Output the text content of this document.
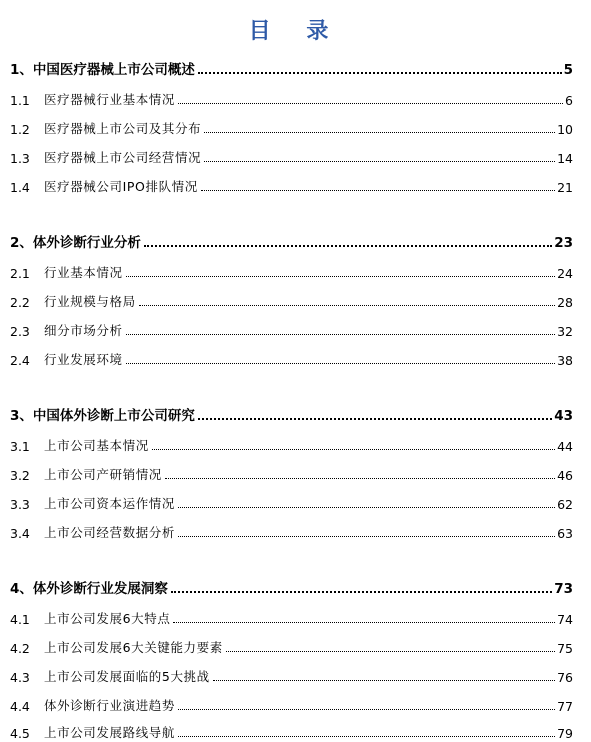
目 录
1、 中国医疗器械上市公司概述	5
1.1	医疗器械行业基本情况	6
1.2	医疗器械上市公司及其分布	10
1.3	医疗器械上市公司经营情况	14
1.4	医疗器械公司IPO排队情况	21
2、 体外诊断行业分析	23
2.1	行业基本情况	24
2.2	行业规模与格局	28
2.3	细分市场分析	32
2.4	行业发展环境	38
3、 中国体外诊断上市公司研究	43
3.1	上市公司基本情况	44
3.2	上市公司产研销情况	46
3.3	上市公司资本运作情况	62
3.4	上市公司经营数据分析	63
4、 体外诊断行业发展洞察	73
4.1	上市公司发展6大特点	74
4.2	上市公司发展6大关键能力要素	75
4.3	上市公司发展面临的5大挑战	76
4.4	体外诊断行业演进趋势	77
4.5	上市公司发展路线导航	79
